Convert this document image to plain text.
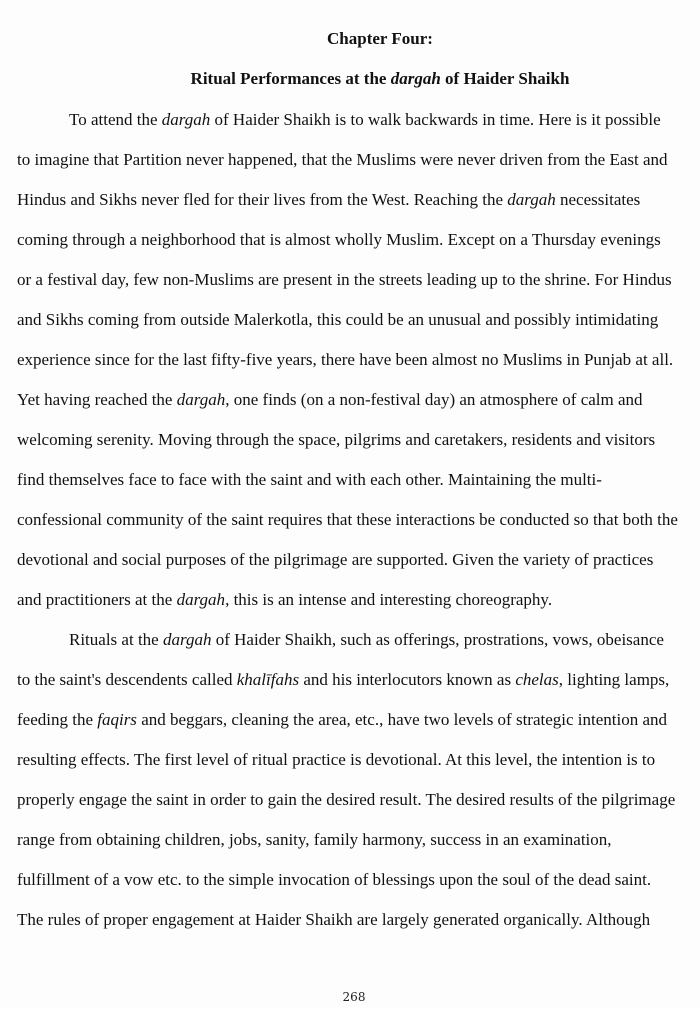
Chapter Four:
Ritual Performances at the dargah of Haider Shaikh
To attend the dargah of Haider Shaikh is to walk backwards in time. Here is it possible
to imagine that Partition never happened, that the Muslims were never driven from the East and
Hindus and Sikhs never fled for their lives from the West. Reaching the dargah necessitates
coming through a neighborhood that is almost wholly Muslim. Except on a Thursday evenings
or a festival day, few non-Muslims are present in the streets leading up to the shrine. For Hindus
and Sikhs coming from outside Malerkotla, this could be an unusual and possibly intimidating
experience since for the last fifty-five years, there have been almost no Muslims in Punjab at all.
Yet having reached the dargah, one finds (on a non-festival day) an atmosphere of calm and
welcoming serenity. Moving through the space, pilgrims and caretakers, residents and visitors
find themselves face to face with the saint and with each other. Maintaining the multi-
confessional community of the saint requires that these interactions be conducted so that both the
devotional and social purposes of the pilgrimage are supported. Given the variety of practices
and practitioners at the dargah, this is an intense and interesting choreography.
Rituals at the dargah of Haider Shaikh, such as offerings, prostrations, vows, obeisance
to the saint's descendents called khalīfahs and his interlocutors known as chelas, lighting lamps,
feeding the faqirs and beggars, cleaning the area, etc., have two levels of strategic intention and
resulting effects. The first level of ritual practice is devotional. At this level, the intention is to
properly engage the saint in order to gain the desired result. The desired results of the pilgrimage
range from obtaining children, jobs, sanity, family harmony, success in an examination,
fulfillment of a vow etc. to the simple invocation of blessings upon the soul of the dead saint.
The rules of proper engagement at Haider Shaikh are largely generated organically. Although
268
